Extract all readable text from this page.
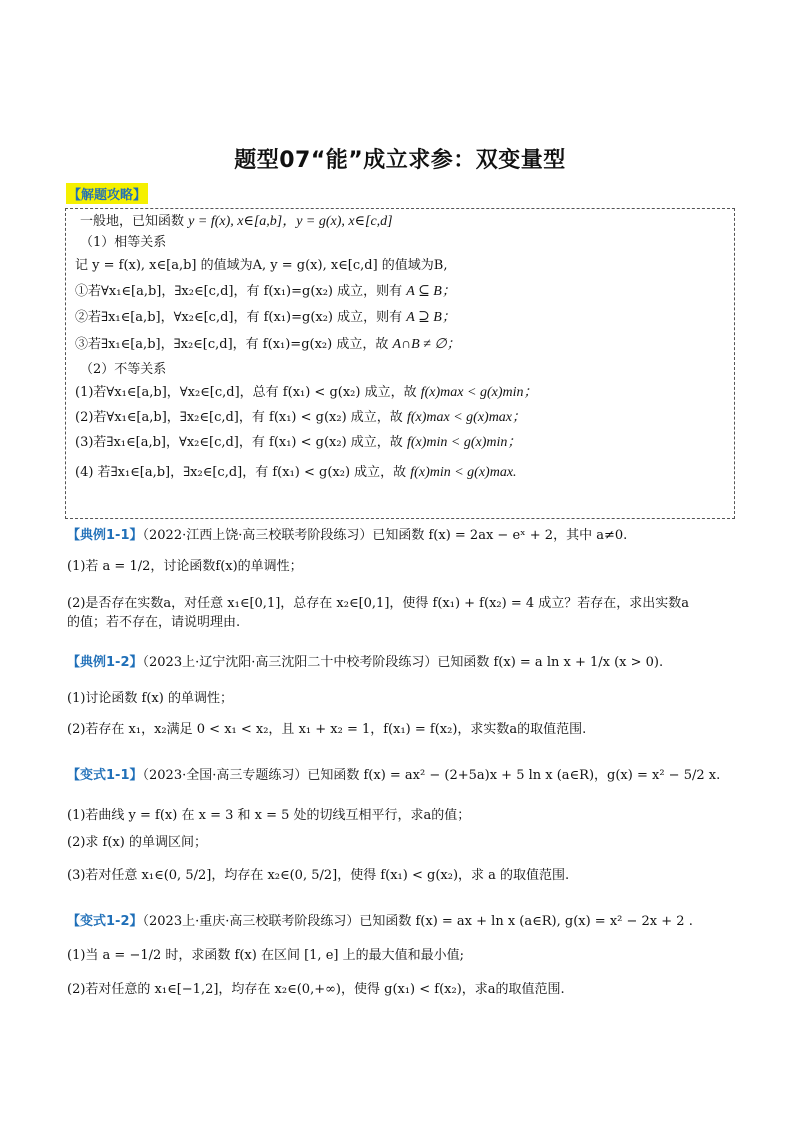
题型07“能”成立求参：双变量型
【解题攻略】
一般地，已知函数 y = f(x), x∈[a,b]，y = g(x), x∈[c,d]
（1）相等关系
记 y = f(x), x∈[a,b] 的值域为A, y = g(x), x∈[c,d] 的值域为B,
①若∀x₁∈[a,b]，∃x₂∈[c,d]，有 f(x₁)=g(x₂) 成立，则有 A ⊆ B；
②若∃x₁∈[a,b]，∀x₂∈[c,d]，有 f(x₁)=g(x₂) 成立，则有 A ⊇ B；
③若∃x₁∈[a,b]，∃x₂∈[c,d]，有 f(x₁)=g(x₂) 成立，故 A∩B ≠ ∅；
（2）不等关系
(1)若∀x₁∈[a,b]，∀x₂∈[c,d]，总有 f(x₁) < g(x₂) 成立，故 f(x)max < g(x)min；
(2)若∀x₁∈[a,b]，∃x₂∈[c,d]，有 f(x₁) < g(x₂) 成立，故 f(x)max < g(x)max；
(3)若∃x₁∈[a,b]，∀x₂∈[c,d]，有 f(x₁) < g(x₂) 成立，故 f(x)min < g(x)min；
(4) 若∃x₁∈[a,b]，∃x₂∈[c,d]，有 f(x₁) < g(x₂) 成立，故 f(x)min < g(x)max.
【典例1-1】（2022·江西上饶·高三校联考阶段练习）已知函数 f(x) = 2ax − eˣ + 2，其中 a≠0.
(1)若 a = 1/2，讨论函数f(x)的单调性；
(2)是否存在实数a，对任意 x₁∈[0,1]，总存在 x₂∈[0,1]，使得 f(x₁) + f(x₂) = 4 成立？若存在，求出实数a
的值；若不存在，请说明理由.
【典例1-2】（2023上·辽宁沈阳·高三沈阳二十中校考阶段练习）已知函数 f(x) = a ln x + 1/x (x > 0).
(1)讨论函数 f(x) 的单调性；
(2)若存在 x₁，x₂满足 0 < x₁ < x₂，且 x₁ + x₂ = 1，f(x₁) = f(x₂)，求实数a的取值范围.
【变式1-1】（2023·全国·高三专题练习）已知函数 f(x) = ax² − (2+5a)x + 5 ln x (a∈R)，g(x) = x² − 5/2 x.
(1)若曲线 y = f(x) 在 x = 3 和 x = 5 处的切线互相平行，求a的值；
(2)求 f(x) 的单调区间；
(3)若对任意 x₁∈(0, 5/2]，均存在 x₂∈(0, 5/2]，使得 f(x₁) < g(x₂)，求 a 的取值范围.
【变式1-2】（2023上·重庆·高三校联考阶段练习）已知函数 f(x) = ax + ln x (a∈R), g(x) = x² − 2x + 2 .
(1)当 a = −1/2 时，求函数 f(x) 在区间 [1, e] 上的最大值和最小值;
(2)若对任意的 x₁∈[−1,2]，均存在 x₂∈(0,+∞)，使得 g(x₁) < f(x₂)，求a的取值范围.
